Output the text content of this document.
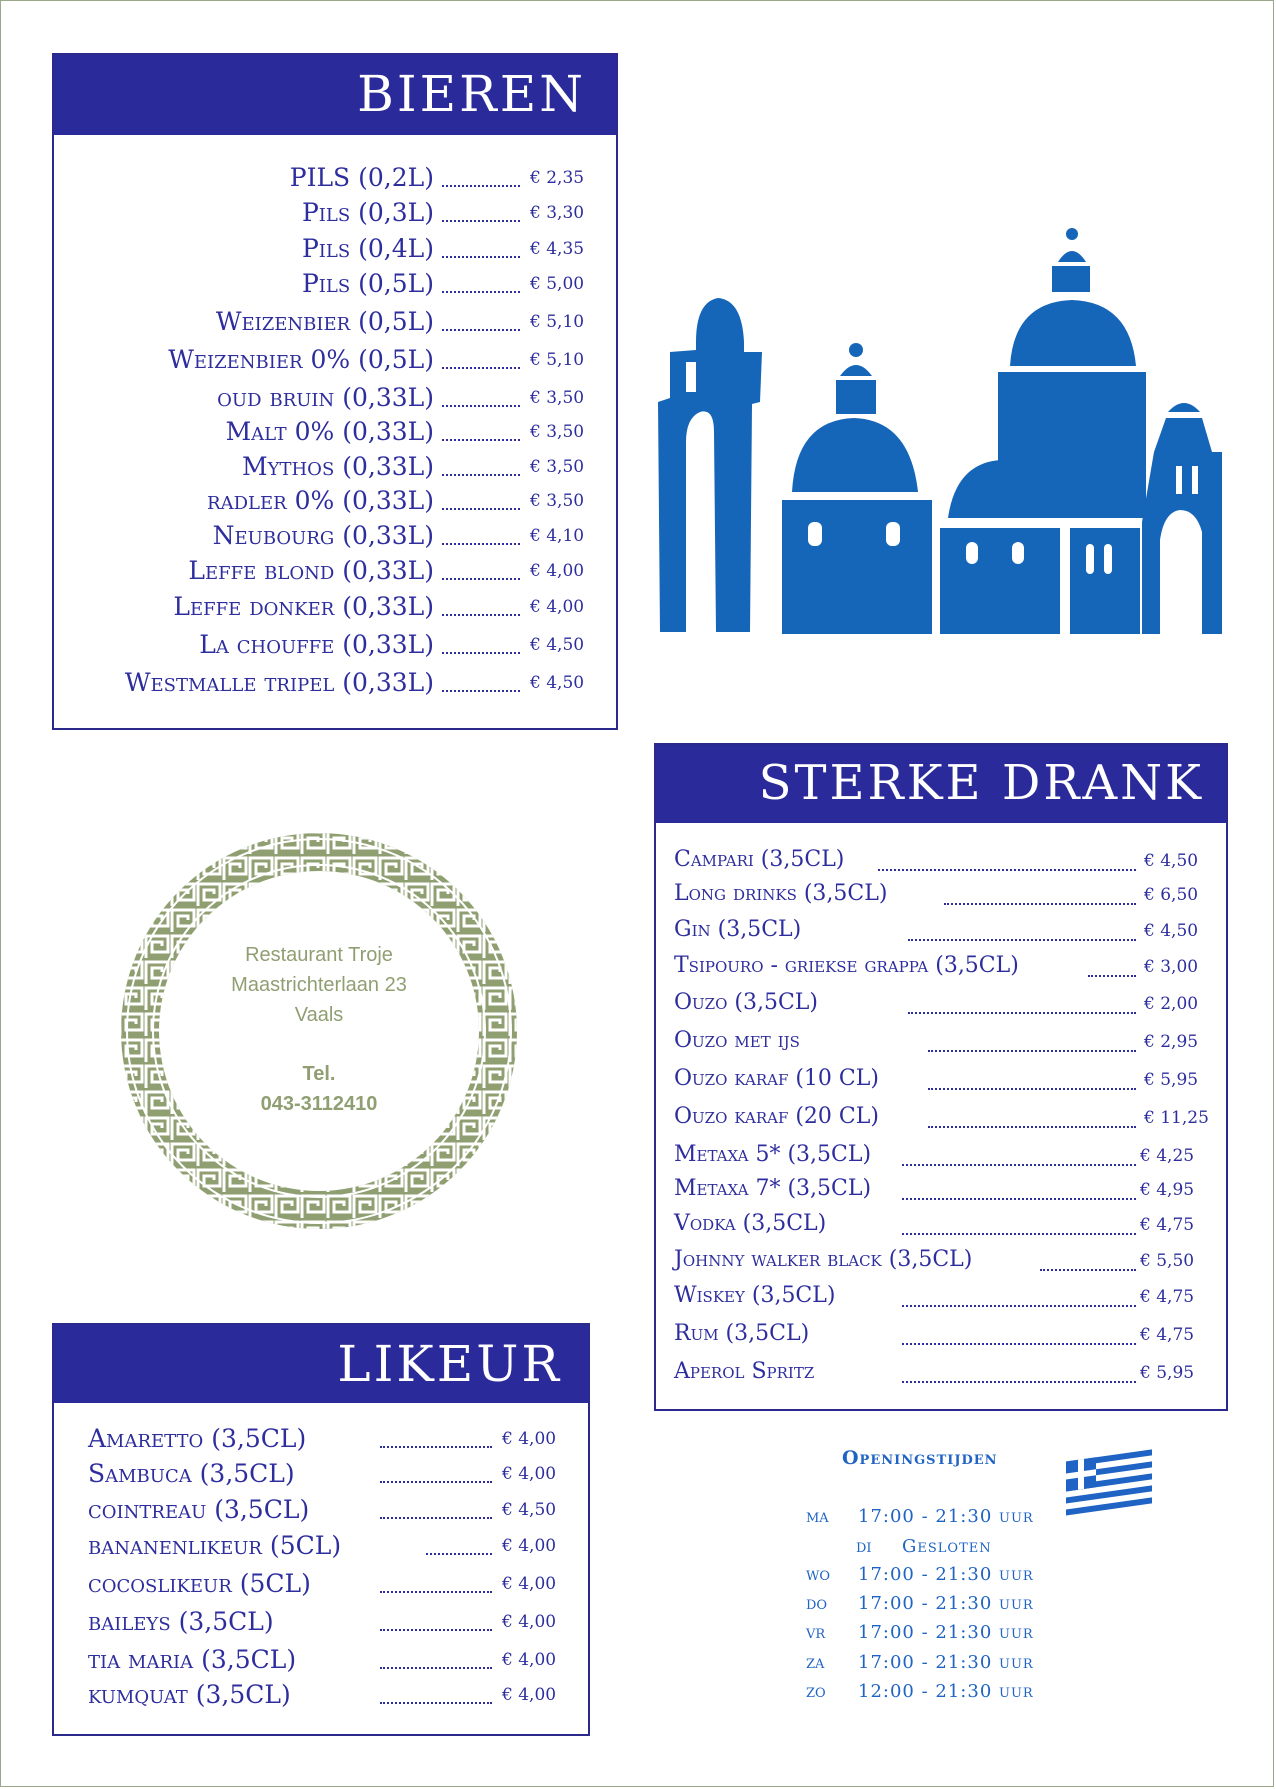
BIEREN
PILS (0,2L)	€ 2,35
Pils (0,3L)	€ 3,30
Pils (0,4L)	€ 4,35
Pils (0,5L)	€ 5,00
Weizenbier (0,5L)	€ 5,10
Weizenbier 0% (0,5L)	€ 5,10
oud bruin (0,33L)	€ 3,50
Malt 0% (0,33L)	€ 3,50
Mythos (0,33L)	€ 3,50
radler 0% (0,33L)	€ 3,50
Neubourg (0,33L)	€ 4,10
Leffe blond (0,33L)	€ 4,00
Leffe donker (0,33L)	€ 4,00
La chouffe (0,33L)	€ 4,50
Westmalle tripel (0,33L)	€ 4,50
STERKE DRANK
Campari (3,5CL)	€ 4,50
Long drinks (3,5CL)	€ 6,50
Gin (3,5CL)	€ 4,50
Tsipouro - griekse grappa (3,5CL)	€ 3,00
Ouzo (3,5CL)	€ 2,00
Ouzo met ijs	€ 2,95
Ouzo karaf (10 CL)	€ 5,95
Ouzo karaf (20 CL)	€ 11,25
Metaxa 5* (3,5CL)	€ 4,25
Metaxa 7* (3,5CL)	€ 4,95
Vodka (3,5CL)	€ 4,75
Johnny walker black (3,5CL)	€ 5,50
Wiskey (3,5CL)	€ 4,75
Rum (3,5CL)	€ 4,75
Aperol Spritz	€ 5,95
Restaurant Troje
Maastrichterlaan 23
Vaals
Tel.
043-3112410
LIKEUR
Amaretto (3,5CL)	€ 4,00
Sambuca (3,5CL)	€ 4,00
cointreau (3,5CL)	€ 4,50
bananenlikeur (5CL)	€ 4,00
cocoslikeur (5CL)	€ 4,00
baileys (3,5CL)	€ 4,00
tia maria (3,5CL)	€ 4,00
kumquat (3,5CL)	€ 4,00
Openingstijden
ma	17:00 - 21:30 uur
di	Gesloten
wo	17:00 - 21:30 uur
do	17:00 - 21:30 uur
vr	17:00 - 21:30 uur
za	17:00 - 21:30 uur
zo	12:00 - 21:30 uur
